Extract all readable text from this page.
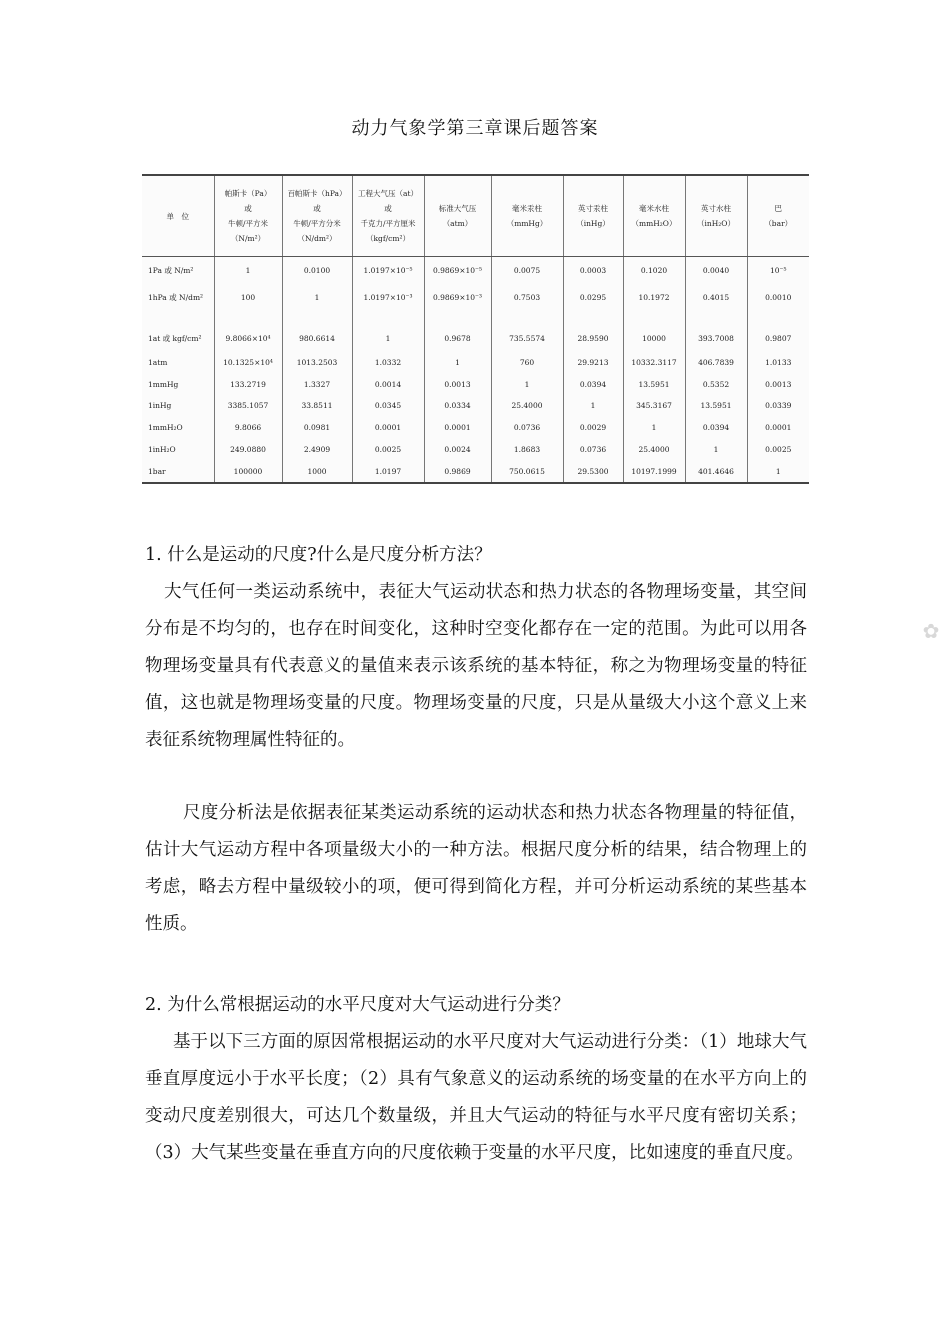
动力气象学第三章课后题答案
单　位	帕斯卡（Pa）
或
牛顿/平方米
（N/m²）	百帕斯卡（hPa）
或
牛顿/平方分米
（N/dm²）	工程大气压（at）
或
千克力/平方厘米
（kgf/cm²）	标准大气压
（atm）	毫米汞柱
（mmHg）	英寸汞柱
（inHg）	毫米水柱
（mmH₂O）	英寸水柱
（inH₂O）	巴
（bar）
1Pa 或 N/m²	1	0.0100	1.0197×10⁻⁵	0.9869×10⁻⁵	0.0075	0.0003	0.1020	0.0040	10⁻⁵
1hPa 或 N/dm²	100	1	1.0197×10⁻³	0.9869×10⁻³	0.7503	0.0295	10.1972	0.4015	0.0010

1at 或 kgf/cm²	9.8066×10⁴	980.6614	1	0.9678	735.5574	28.9590	10000	393.7008	0.9807
1atm	10.1325×10⁴	1013.2503	1.0332	1	760	29.9213	10332.3117	406.7839	1.0133
1mmHg	133.2719	1.3327	0.0014	0.0013	1	0.0394	13.5951	0.5352	0.0013
1inHg	3385.1057	33.8511	0.0345	0.0334	25.4000	1	345.3167	13.5951	0.0339
1mmH₂O	9.8066	0.0981	0.0001	0.0001	0.0736	0.0029	1	0.0394	0.0001
1inH₂O	249.0880	2.4909	0.0025	0.0024	1.8683	0.0736	25.4000	1	0.0025
1bar	100000	1000	1.0197	0.9869	750.0615	29.5300	10197.1999	401.4646	1
✿
1. 什么是运动的尺度?什么是尺度分析方法？

大气任何一类运动系统中，表征大气运动状态和热力状态的各物理场变量，其空间分布是不均匀的，也存在时间变化，这种时空变化都存在一定的范围。为此可以用各物理场变量具有代表意义的量值来表示该系统的基本特征，称之为物理场变量的特征值，这也就是物理场变量的尺度。物理场变量的尺度，只是从量级大小这个意义上来表征系统物理属性特征的。

尺度分析法是依据表征某类运动系统的运动状态和热力状态各物理量的特征值，估计大气运动方程中各项量级大小的一种方法。根据尺度分析的结果，结合物理上的考虑，略去方程中量级较小的项，便可得到简化方程，并可分析运动系统的某些基本性质。

2. 为什么常根据运动的水平尺度对大气运动进行分类？

基于以下三方面的原因常根据运动的水平尺度对大气运动进行分类：（1）地球大气垂直厚度远小于水平长度；（2）具有气象意义的运动系统的场变量的在水平方向上的变动尺度差别很大，可达几个数量级，并且大气运动的特征与水平尺度有密切关系；（3）大气某些变量在垂直方向的尺度依赖于变量的水平尺度，比如速度的垂直尺度。
